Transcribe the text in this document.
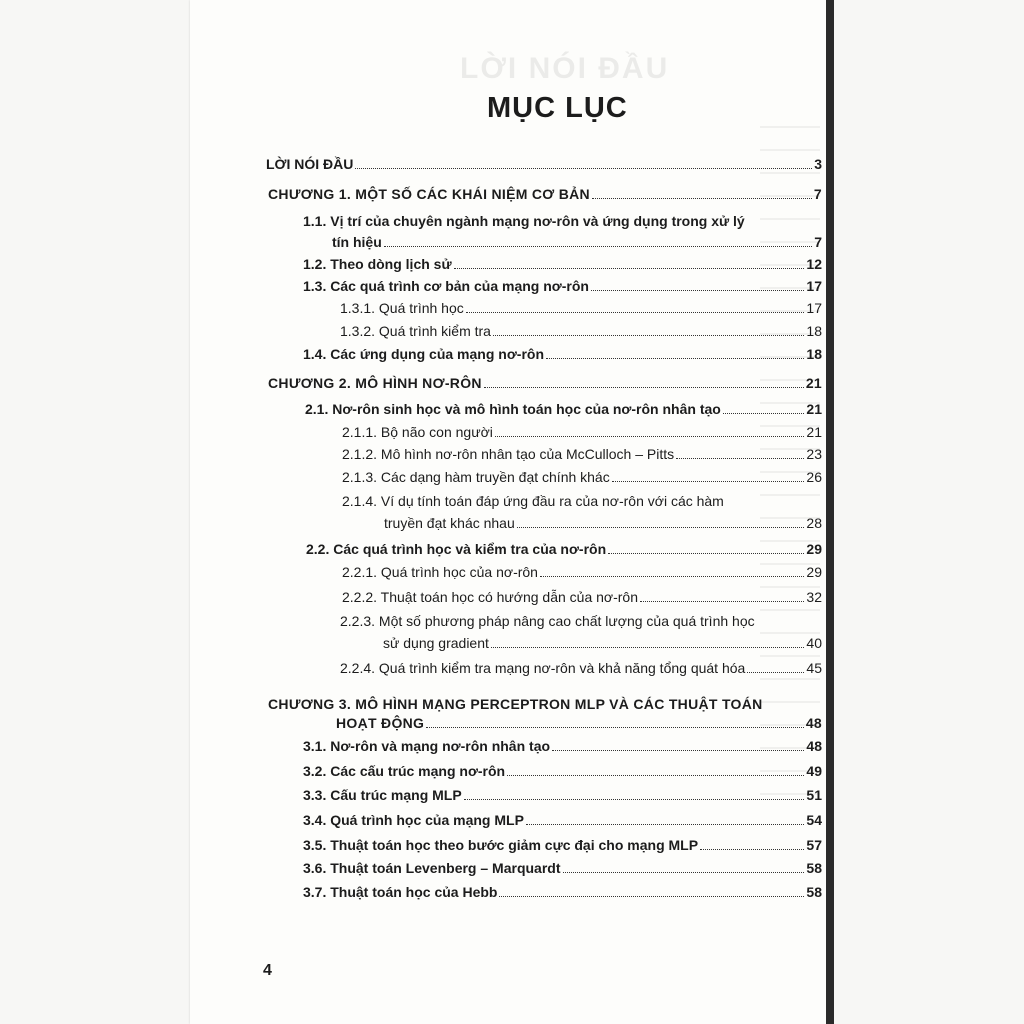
LỜI NÓI ĐẦU
MỤC LỤC
LỜI NÓI ĐẦU	3
CHƯƠNG 1. MỘT SỐ CÁC KHÁI NIỆM CƠ BẢN	7
1.1. Vị trí của chuyên ngành mạng nơ-rôn và ứng dụng trong xử lý
tín hiệu	7
1.2. Theo dòng lịch sử	12
1.3. Các quá trình cơ bản của mạng nơ-rôn	17
1.3.1. Quá trình học	17
1.3.2. Quá trình kiểm tra	18
1.4. Các ứng dụng của mạng nơ-rôn	18
CHƯƠNG 2. MÔ HÌNH NƠ-RÔN	21
2.1. Nơ-rôn sinh học và mô hình toán học của nơ-rôn nhân tạo	21
2.1.1. Bộ não con người	21
2.1.2. Mô hình nơ-rôn nhân tạo của McCulloch – Pitts	23
2.1.3. Các dạng hàm truyền đạt chính khác	26
2.1.4. Ví dụ tính toán đáp ứng đầu ra của nơ-rôn với các hàm
truyền đạt khác nhau	28
2.2. Các quá trình học và kiểm tra của nơ-rôn	29
2.2.1. Quá trình học của nơ-rôn	29
2.2.2. Thuật toán học có hướng dẫn của nơ-rôn	32
2.2.3. Một số phương pháp nâng cao chất lượng của quá trình học
sử dụng gradient	40
2.2.4. Quá trình kiểm tra mạng nơ-rôn và khả năng tổng quát hóa	45
CHƯƠNG 3. MÔ HÌNH MẠNG PERCEPTRON MLP VÀ CÁC THUẬT TOÁN
HOẠT ĐỘNG	48
3.1. Nơ-rôn và mạng nơ-rôn nhân tạo	48
3.2. Các cấu trúc mạng nơ-rôn	49
3.3. Cấu trúc mạng MLP	51
3.4. Quá trình học của mạng MLP	54
3.5. Thuật toán học theo bước giảm cực đại cho mạng MLP	57
3.6. Thuật toán Levenberg – Marquardt	58
3.7. Thuật toán học của Hebb	58
4
